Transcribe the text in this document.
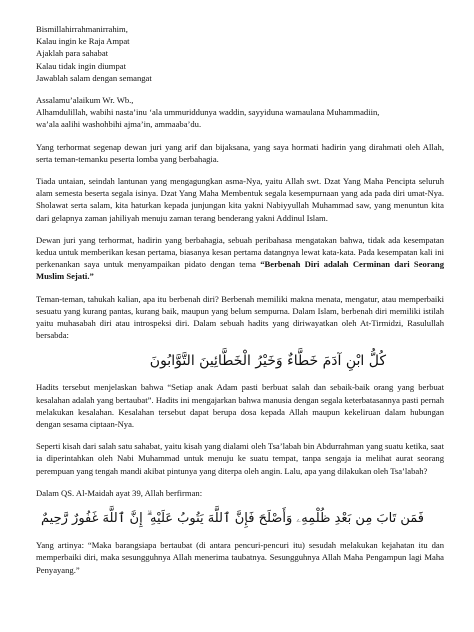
Bismillahirrahmanirrahim,
Kalau ingin ke Raja Ampat
Ajaklah para sahabat
Kalau tidak ingin diumpat
Jawablah salam dengan semangat
Assalamu’alaikum Wr. Wb.,
Alhamdulillah, wabihi nasta’inu ‘ala ummuriddunya waddin, sayyiduna wamaulana Muhammadiin,
wa’ala aalihi washohbihi ajma’in, ammaaba’du.

Yang terhormat segenap dewan juri yang arif dan bijaksana, yang saya hormati hadirin yang dirahmati oleh Allah, serta teman-temanku peserta lomba yang berbahagia.

Tiada untaian, seindah lantunan yang mengagungkan asma-Nya, yaitu Allah swt. Dzat Yang Maha Pencipta seluruh alam semesta beserta segala isinya. Dzat Yang Maha Membentuk segala kesempurnaan yang ada pada diri umat-Nya. Sholawat serta salam, kita haturkan kepada junjungan kita yakni Nabiyyullah Muhammad saw, yang menuntun kita dari gelapnya zaman jahiliyah menuju zaman terang benderang yakni Addinul Islam.

Dewan juri yang terhormat, hadirin yang berbahagia, sebuah peribahasa mengatakan bahwa, tidak ada kesempatan kedua untuk memberikan kesan pertama, biasanya kesan pertama datangnya lewat kata-kata. Pada kesempatan kali ini perkenankan saya untuk menyampaikan pidato dengan tema “Berbenah Diri adalah Cerminan dari Seorang Muslim Sejati.”

Teman-teman, tahukah kalian, apa itu berbenah diri? Berbenah memiliki makna menata, mengatur, atau memperbaiki sesuatu yang kurang pantas, kurang baik, maupun yang belum sempurna. Dalam Islam, berbenah diri memiliki istilah yaitu muhasabah diri atau introspeksi diri. Dalam sebuah hadits yang diriwayatkan oleh At-Tirmidzi, Rasulullah bersabda:

كُلُّ ابْنِ آدَمَ خَطَّاءٌ وَخَيْرُ الْخَطَّائِينَ التَّوَّابُونَ

Hadits tersebut menjelaskan bahwa “Setiap anak Adam pasti berbuat salah dan sebaik-baik orang yang berbuat kesalahan adalah yang bertaubat”. Hadits ini mengajarkan bahwa manusia dengan segala keterbatasannya pasti pernah melakukan kesalahan. Kesalahan tersebut dapat berupa dosa kepada Allah maupun kekeliruan dalam hubungan dengan sesama ciptaan-Nya.

Seperti kisah dari salah satu sahabat, yaitu kisah yang dialami oleh Tsa’labah bin Abdurrahman yang suatu ketika, saat ia diperintahkan oleh Nabi Muhammad untuk menuju ke suatu tempat, tanpa sengaja ia melihat aurat seorang perempuan yang tengah mandi akibat pintunya yang diterpa oleh angin. Lalu, apa yang dilakukan oleh Tsa’labah?

Dalam QS. Al-Maidah ayat 39, Allah berfirman:

فَمَن تَابَ مِن بَعْدِ ظُلْمِهِۦ وَأَصْلَحَ فَإِنَّ ٱللَّهَ يَتُوبُ عَلَيْهِ ۗ إِنَّ ٱللَّهَ غَفُورٌ رَّحِيمٌ

Yang artinya: “Maka barangsiapa bertaubat (di antara pencuri-pencuri itu) sesudah melakukan kejahatan itu dan memperbaiki diri, maka sesungguhnya Allah menerima taubatnya. Sesungguhnya Allah Maha Pengampun lagi Maha Penyayang.”
